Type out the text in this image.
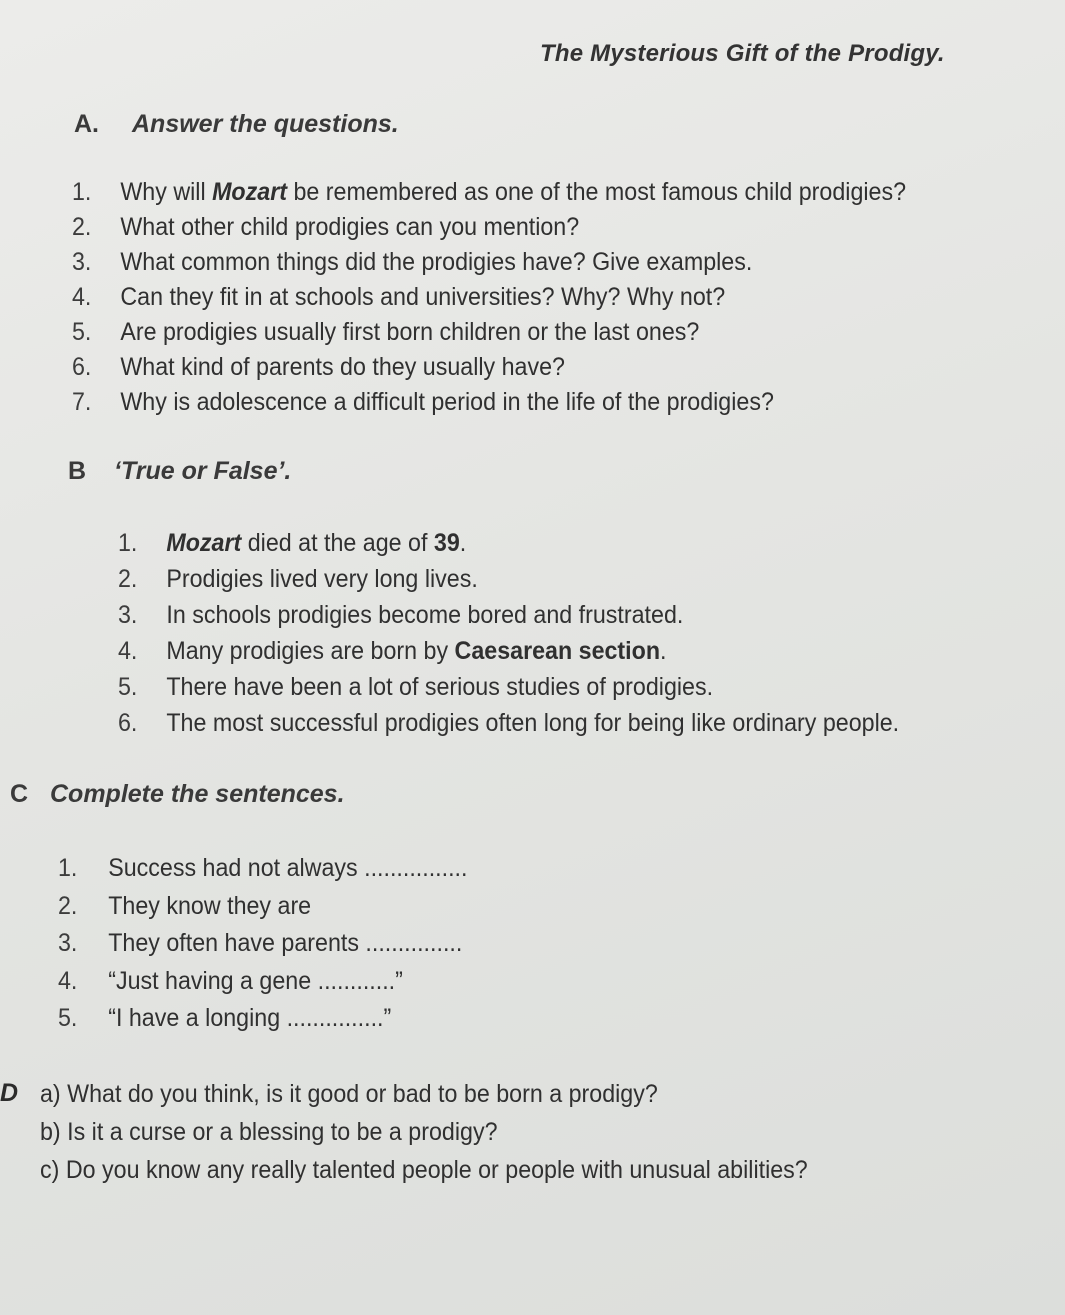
The Mysterious Gift of the Prodigy.
A. Answer the questions.
1. Why will Mozart be remembered as one of the most famous child prodigies?
2. What other child prodigies can you mention?
3. What common things did the prodigies have? Give examples.
4. Can they fit in at schools and universities? Why? Why not?
5. Are prodigies usually first born children or the last ones?
6. What kind of parents do they usually have?
7. Why is adolescence a difficult period in the life of the prodigies?
B ‘True or False’.
1. Mozart died at the age of 39.
2. Prodigies lived very long lives.
3. In schools prodigies become bored and frustrated.
4. Many prodigies are born by Caesarean section.
5. There have been a lot of serious studies of prodigies.
6. The most successful prodigies often long for being like ordinary people.
C Complete the sentences.
1. Success had not always ................
2. They know they are
3. They often have parents ...............
4. “Just having a gene ............”
5. “I have a longing ...............”
D a) What do you think, is it good or bad to be born a prodigy?
b) Is it a curse or a blessing to be a prodigy?
c) Do you know any really talented people or people with unusual abilities?
